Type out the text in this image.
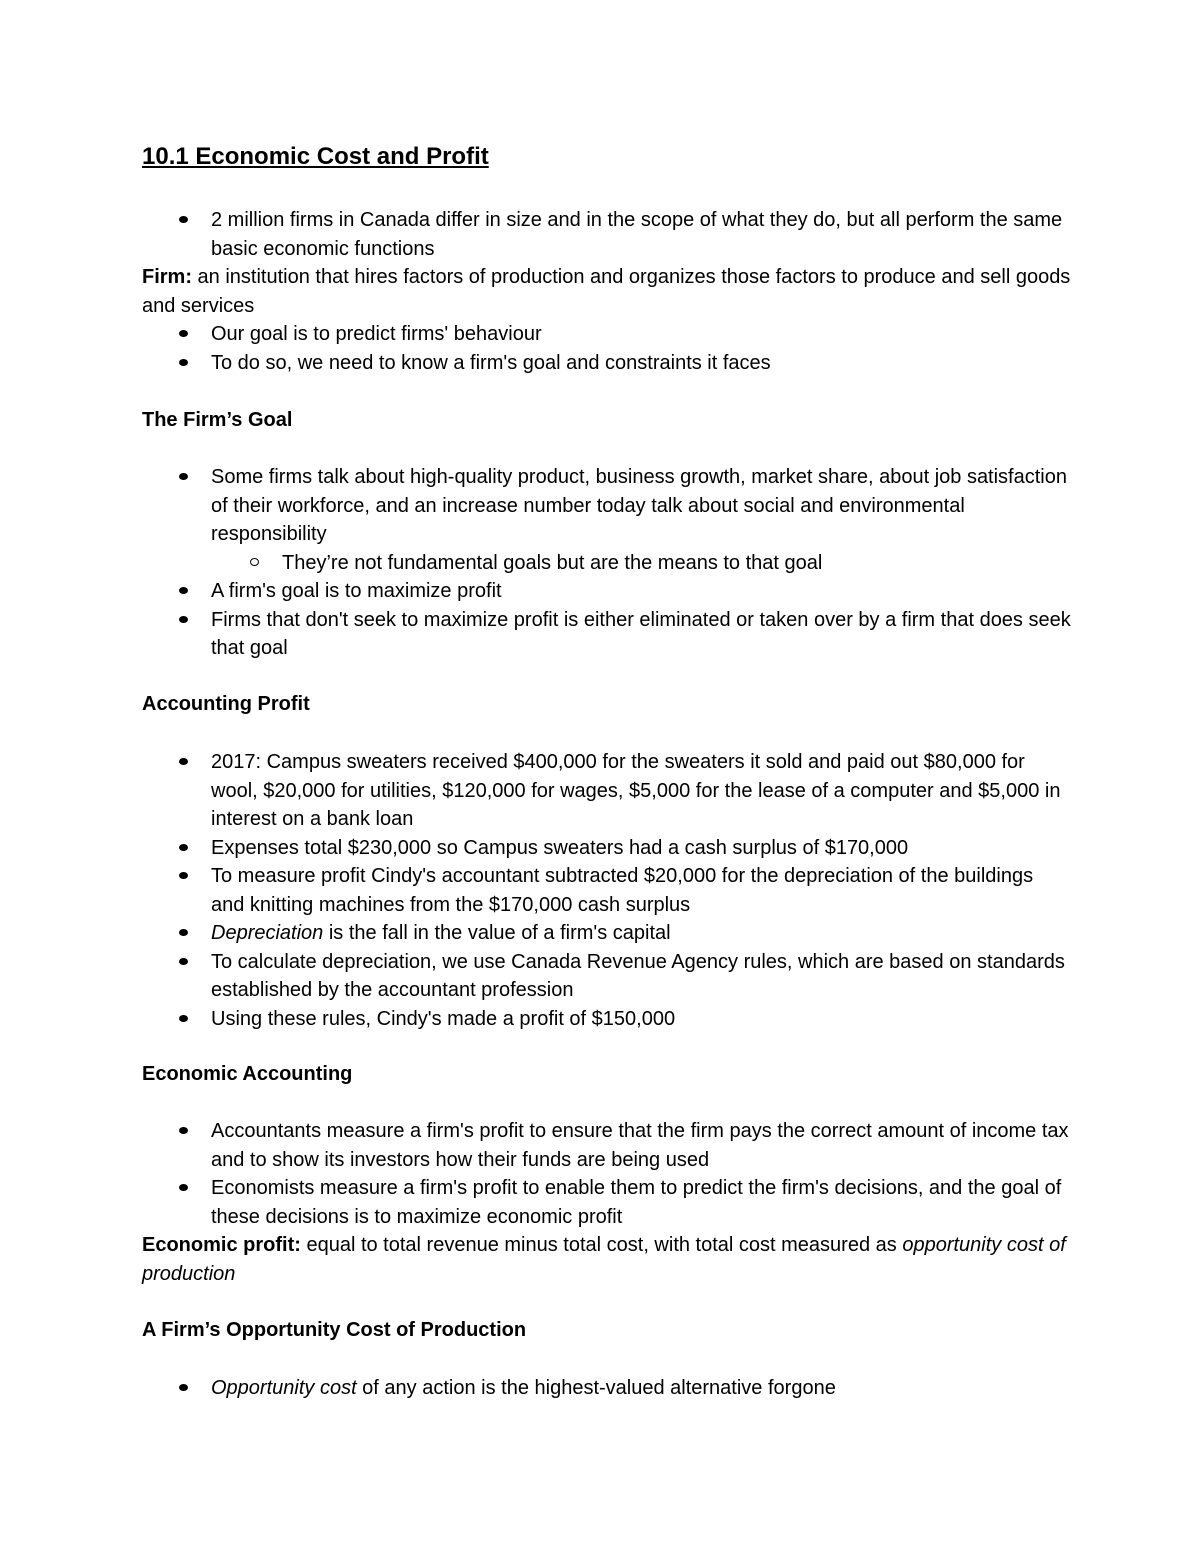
10.1 Economic Cost and Profit
2 million firms in Canada differ in size and in the scope of what they do, but all perform the same basic economic functions

Firm: an institution that hires factors of production and organizes those factors to produce and sell goods and services

Our goal is to predict firms' behaviour
To do so, we need to know a firm's goal and constraints it faces
The Firm’s Goal
Some firms talk about high-quality product, business growth, market share, about job satisfaction of their workforce, and an increase number today talk about social and environmental responsibility
They’re not fundamental goals but are the means to that goal
A firm's goal is to maximize profit
Firms that don't seek to maximize profit is either eliminated or taken over by a firm that does seek that goal
Accounting Profit
2017: Campus sweaters received $400,000 for the sweaters it sold and paid out $80,000 for wool, $20,000 for utilities, $120,000 for wages, $5,000 for the lease of a computer and $5,000 in interest on a bank loan
Expenses total $230,000 so Campus sweaters had a cash surplus of $170,000
To measure profit Cindy's accountant subtracted $20,000 for the depreciation of the buildings and knitting machines from the $170,000 cash surplus
Depreciation is the fall in the value of a firm's capital
To calculate depreciation, we use Canada Revenue Agency rules, which are based on standards established by the accountant profession
Using these rules, Cindy's made a profit of $150,000
Economic Accounting
Accountants measure a firm's profit to ensure that the firm pays the correct amount of income tax and to show its investors how their funds are being used
Economists measure a firm's profit to enable them to predict the firm's decisions, and the goal of these decisions is to maximize economic profit

Economic profit: equal to total revenue minus total cost, with total cost measured as opportunity cost of production

A Firm’s Opportunity Cost of Production
Opportunity cost of any action is the highest-valued alternative forgone
